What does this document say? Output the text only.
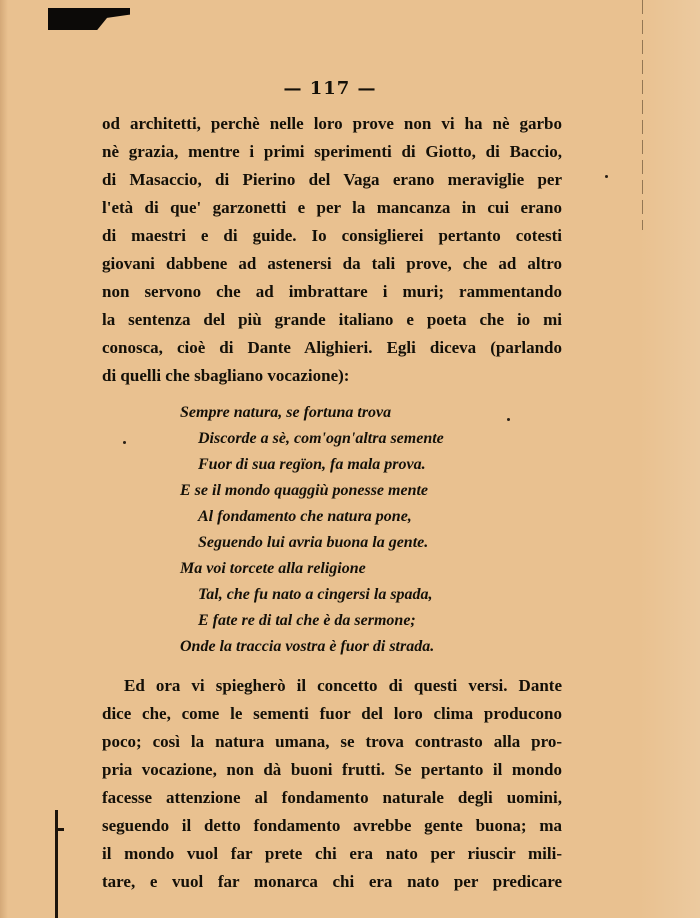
— 117 —
od architetti, perchè nelle loro prove non vi ha nè garbo
nè grazia, mentre i primi sperimenti di Giotto, di Baccio,
di Masaccio, di Pierino del Vaga erano meraviglie per
l'età di que' garzonetti e per la mancanza in cui erano
di maestri e di guide. Io consiglierei pertanto cotesti
giovani dabbene ad astenersi da tali prove, che ad altro
non servono che ad imbrattare i muri; rammentando
la sentenza del più grande italiano e poeta che io mi
conosca, cioè di Dante Alighieri. Egli diceva (parlando
di quelli che sbagliano vocazione):
Sempre natura, se fortuna trova
Discorde a sè, com'ogn'altra semente
Fuor di sua regïon, fa mala prova.
E se il mondo quaggiù ponesse mente
Al fondamento che natura pone,
Seguendo lui avria buona la gente.
Ma voi torcete alla religione
Tal, che fu nato a cingersi la spada,
E fate re di tal che è da sermone;
Onde la traccia vostra è fuor di strada.
Ed ora vi spiegherò il concetto di questi versi. Dante
dice che, come le sementi fuor del loro clima producono
poco; così la natura umana, se trova contrasto alla pro-
pria vocazione, non dà buoni frutti. Se pertanto il mondo
facesse attenzione al fondamento naturale degli uomini,
seguendo il detto fondamento avrebbe gente buona; ma
il mondo vuol far prete chi era nato per riuscir mili-
tare, e vuol far monarca chi era nato per predicare
